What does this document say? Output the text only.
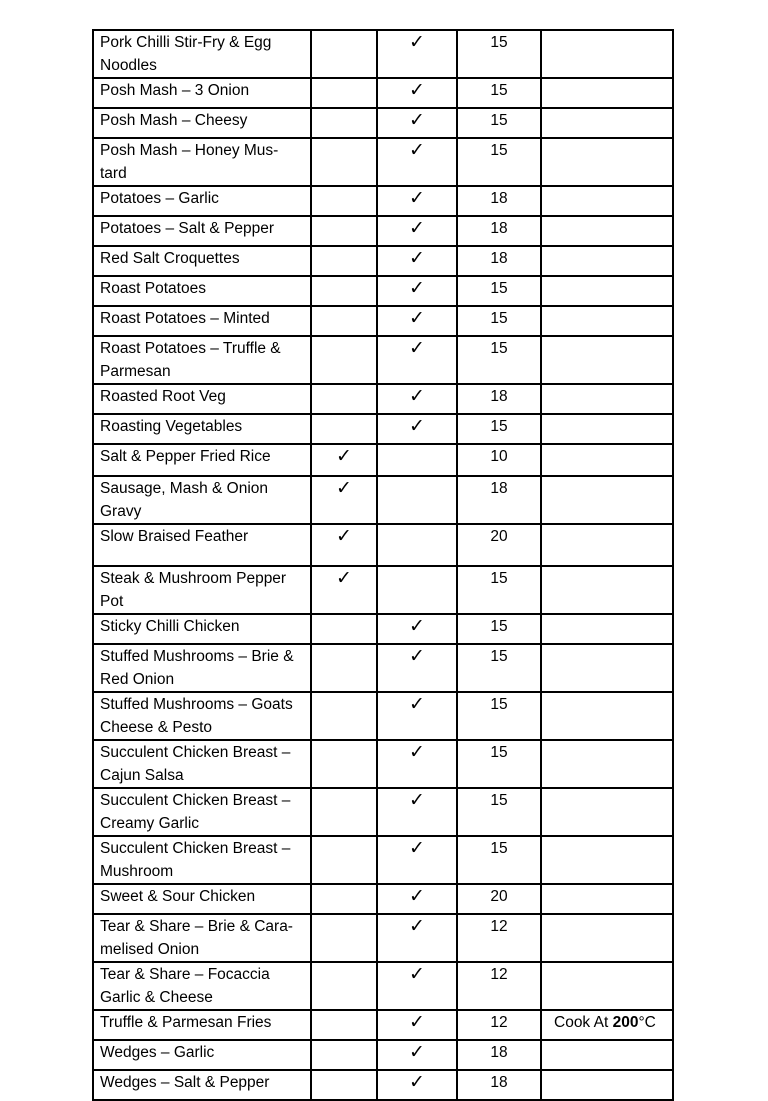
Pork Chilli Stir-Fry & Egg Noodles		✓	15	
Posh Mash – 3 Onion		✓	15	
Posh Mash – Cheesy		✓	15	
Posh Mash – Honey Mus-tard		✓	15	
Potatoes – Garlic		✓	18	
Potatoes – Salt & Pepper		✓	18	
Red Salt Croquettes		✓	18	
Roast Potatoes		✓	15	
Roast Potatoes – Minted		✓	15	
Roast Potatoes – Truffle & Parmesan		✓	15	
Roasted Root Veg		✓	18	
Roasting Vegetables		✓	15	
Salt & Pepper Fried Rice	✓		10	
Sausage, Mash & Onion Gravy	✓		18	
Slow Braised Feather	✓		20	
Steak & Mushroom Pepper Pot	✓		15	
Sticky Chilli Chicken		✓	15	
Stuffed Mushrooms – Brie & Red Onion		✓	15	
Stuffed Mushrooms – Goats Cheese & Pesto		✓	15	
Succulent Chicken Breast – Cajun Salsa		✓	15	
Succulent Chicken Breast – Creamy Garlic		✓	15	
Succulent Chicken Breast – Mushroom		✓	15	
Sweet & Sour Chicken		✓	20	
Tear & Share – Brie & Cara-melised Onion		✓	12	
Tear & Share – Focaccia Garlic & Cheese		✓	12	
Truffle & Parmesan Fries		✓	12	Cook At 200°C
Wedges – Garlic		✓	18	
Wedges – Salt & Pepper		✓	18	
